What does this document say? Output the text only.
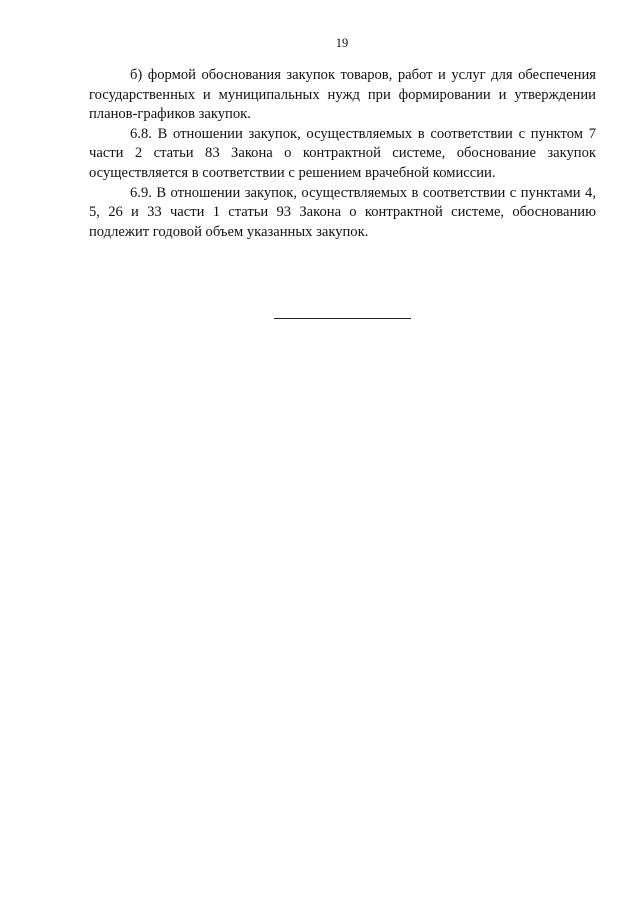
19

б) формой обоснования закупок товаров, работ и услуг для обеспечения государственных и муниципальных нужд при формировании и утверждении планов-графиков закупок.

6.8. В отношении закупок, осуществляемых в соответствии с пунктом 7 части 2 статьи 83 Закона о контрактной системе, обоснование закупок осуществляется в соответствии с решением врачебной комиссии.

6.9. В отношении закупок, осуществляемых в соответствии с пунктами 4, 5, 26 и 33 части 1 статьи 93 Закона о контрактной системе, обоснованию подлежит годовой объем указанных закупок.
